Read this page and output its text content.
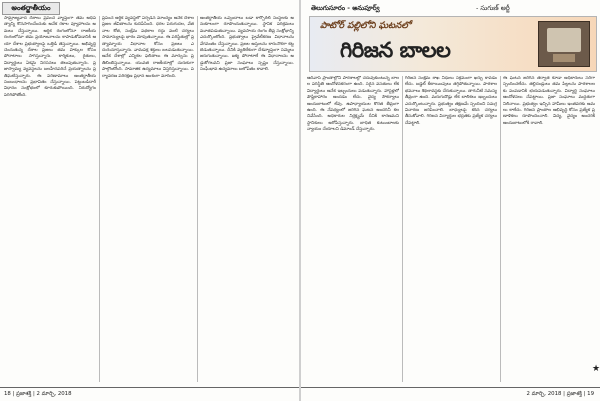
అంతర్జాతీయం

సామ్రాజ్యవాద దేశాలు ప్రపంచ వ్యాప్తంగా తమ ఆధిపత్యాన్ని కొనసాగించేందుకు అనేక రకాల వ్యూహాలను అమలు చేస్తున్నాయి. ఆర్థిక రంగంలోనూ రాజకీయ రంగంలోనూ తమ ప్రయోజనాలను కాపాడుకోవడానికి ఆయా దేశాల ప్రభుత్వాలపై ఒత్తిడి తెస్తున్నాయి. అభివృద్ధి చెందుతున్న దేశాల ప్రజలు తమ హక్కుల కోసం పోరాటాలు సాగిస్తున్నారు. కార్మికులు, రైతులు, విద్యార్థులు ఏకమై నిరసనలు తెలుపుతున్నారు. ప్రజాస్వామ్య వ్యవస్థలను బలహీనపరిచే ప్రయత్నాలను ప్రతిఘటిస్తున్నారు. ఈ పరిణామాలు అంతర్జాతీయ సంబంధాలను ప్రభావితం చేస్తున్నాయి. పెట్టుబడిదారీ విధానం సంక్షోభంలో కూరుకుపోయింది. నిరుద్యోగం పెరిగిపోతోంది.

ప్రపంచ ఆర్థిక వ్యవస్థలో ఏర్పడిన మాంద్యం అనేక దేశాల ప్రజల జీవితాలను కుదిపేసింది. ధరల పెరుగుదల, వేతనాల కోత, సంక్షేమ పథకాల రద్దు వంటి చర్యలు సామాన్యులపై భారం మోపుతున్నాయి. ఈ పరిస్థితుల్లో ప్రత్యామ్నాయ విధానాల కోసం ప్రజలు ఎదురుచూస్తున్నారు. వామపక్ష శక్తులు బలపడుతున్నాయి. అనేక దేశాల్లో ఎన్నికల ఫలితాలు ఈ మార్పును ప్రతిబింబిస్తున్నాయి. యువత రాజకీయాల్లో చురుకుగా పాల్గొంటోంది. సామాజిక ఉద్యమాలు విస్తరిస్తున్నాయి. పర్యావరణ పరిరక్షణ ప్రధాన అంశంగా మారింది.

అంతర్జాతీయ ఒప్పందాలు బడా కార్పొరేట్ సంస్థలకు అనుకూలంగా రూపొందుతున్నాయి. స్థానిక పరిశ్రమలు మూతపడుతున్నాయి. వ్యవసాయ రంగం తీవ్ర సంక్షోభాన్ని ఎదుర్కొంటోంది. ప్రభుత్వాలు ప్రైవేటీకరణ విధానాలను వేగవంతం చేస్తున్నాయి. ప్రజల ఆస్తులను కారుచౌకగా కట్టబెడుతున్నాయి. దీనికి వ్యతిరేకంగా దేశవ్యాప్తంగా సమ్మెలు జరుగుతున్నాయి. ఐక్య పోరాటాలే ఈ విధానాలను అడ్డుకోగలవని ప్రజా సంఘాలు స్పష్టం చేస్తున్నాయి. సంఘీభావ ఉద్యమాలు బలోపేతం కావాలి.

తెలుగుసూరం - అనుపూర్వ్	- సుగుణ్ అర్జీ
పాటోర్ పల్లిలోని ఘటనలో
గిరిజన బాలల

ఆదివాసీ ప్రాంతాల్లోని పాఠశాలల్లో చదువుకుంటున్న బాలల పరిస్థితి ఆందోళనకరంగా ఉంది. సరైన వసతులు లేక విద్యార్థులు అనేక ఇబ్బందులు పడుతున్నారు. హాస్టళ్లలో పౌష్టికాహారం అందడం లేదు. వైద్య సౌకర్యాలు అందుబాటులో లేవు. ఉపాధ్యాయుల కొరత తీవ్రంగా ఉంది. ఈ నేపథ్యంలో జరిగిన ఘటన అందరినీ కలచివేసింది. అధికారుల నిర్లక్ష్యమే దీనికి కారణమని స్థానికులు ఆరోపిస్తున్నారు. బాధిత కుటుంబాలకు న్యాయం చేయాలని డిమాండ్ చేస్తున్నారు.

గిరిజన సంక్షేమ శాఖ నిధులు సక్రమంగా ఖర్చు కావడం లేదు. బడ్జెట్ కేటాయింపులు తగ్గిపోతున్నాయి. పాఠశాల భవనాలు శిథిలావస్థకు చేరుకున్నాయి. తాగునీటి సమస్య తీవ్రంగా ఉంది. మరుగుదొడ్లు లేక బాలికలు ఇబ్బందులు ఎదుర్కొంటున్నారు. ప్రభుత్వం తక్షణమే స్పందించి సమగ్ర విచారణ జరిపించాలి. బాధ్యులపై కఠిన చర్యలు తీసుకోవాలి. గిరిజన విద్యార్థుల భద్రతకు ప్రత్యేక చర్యలు చేపట్టాలి.

ఈ ఘటన జరిగిన తర్వాత కూడా అధికారులు సరిగా స్పందించలేదు. తల్లిదండ్రులు తమ పిల్లలను పాఠశాలలకు పంపడానికి భయపడుతున్నారు. విద్యార్థి సంఘాలు ఆందోళనలు చేపట్టాయి. ప్రజా సంఘాలు మద్దతుగా నిలిచాయి. ప్రభుత్వం ఇచ్చిన హామీలు ఇంతవరకు అమలు కాలేదు. గిరిజన ప్రాంతాల అభివృద్ధి కోసం ప్రత్యేక ప్రణాళికలు రూపొందించాలి. విద్య, వైద్యం అందరికీ అందుబాటులోకి రావాలి.

★
18 | ప్రజాశక్తి | 2 మార్చి, 2018	2 మార్చి, 2018 | ప్రజాశక్తి | 19
